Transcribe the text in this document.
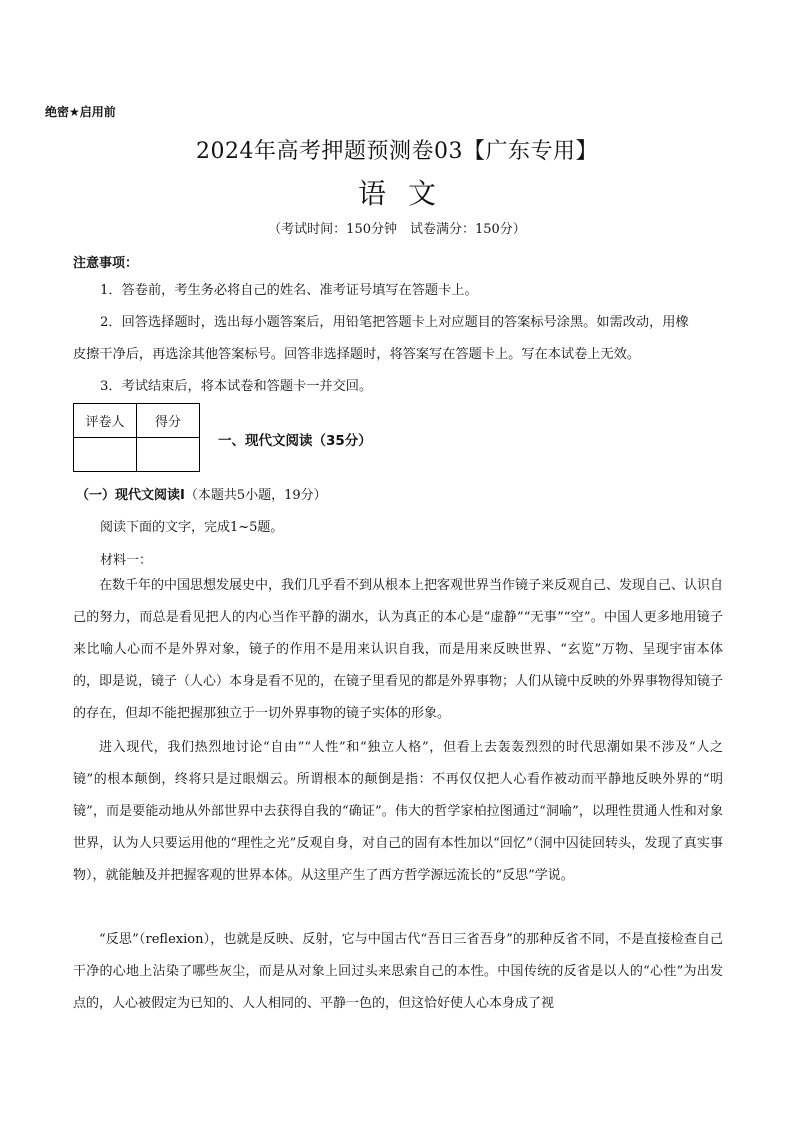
绝密★启用前
2024年高考押题预测卷03【广东专用】
语文
（考试时间：150分钟　试卷满分：150分）
注意事项：
1．答卷前，考生务必将自己的姓名、准考证号填写在答题卡上。
2．回答选择题时，选出每小题答案后，用铅笔把答题卡上对应题目的答案标号涂黑。如需改动，用橡
皮擦干净后，再选涂其他答案标号。回答非选择题时，将答案写在答题卡上。写在本试卷上无效。
3．考试结束后，将本试卷和答题卡一并交回。
评卷人	得分

一、现代文阅读（35分）
（一）现代文阅读I（本题共5小题，19分）
阅读下面的文字，完成1~5题。
材料一：

在数千年的中国思想发展史中，我们几乎看不到从根本上把客观世界当作镜子来反观自己、发现自己、认识自己的努力，而总是看见把人的内心当作平静的湖水，认为真正的本心是“虚静”“无事”“空”。中国人更多地用镜子来比喻人心而不是外界对象，镜子的作用不是用来认识自我，而是用来反映世界、“玄览”万物、呈现宇宙本体的，即是说，镜子（人心）本身是看不见的，在镜子里看见的都是外界事物；人们从镜中反映的外界事物得知镜子的存在，但却不能把握那独立于一切外界事物的镜子实体的形象。

进入现代，我们热烈地讨论“自由”“人性”和“独立人格”，但看上去轰轰烈烈的时代思潮如果不涉及“人之镜”的根本颠倒，终将只是过眼烟云。所谓根本的颠倒是指：不再仅仅把人心看作被动而平静地反映外界的“明镜”，而是要能动地从外部世界中去获得自我的“确证”。伟大的哲学家柏拉图通过“洞喻”，以理性贯通人性和对象世界，认为人只要运用他的“理性之光”反观自身，对自己的固有本性加以“回忆”（洞中囚徒回转头，发现了真实事物），就能触及并把握客观的世界本体。从这里产生了西方哲学源远流长的“反思”学说。

“反思”（reflexion），也就是反映、反射，它与中国古代“吾日三省吾身”的那种反省不同，不是直接检查自己干净的心地上沾染了哪些灰尘，而是从对象上回过头来思索自己的本性。中国传统的反省是以人的“心性”为出发点的，人心被假定为已知的、人人相同的、平静一色的，但这恰好使人心本身成了视
